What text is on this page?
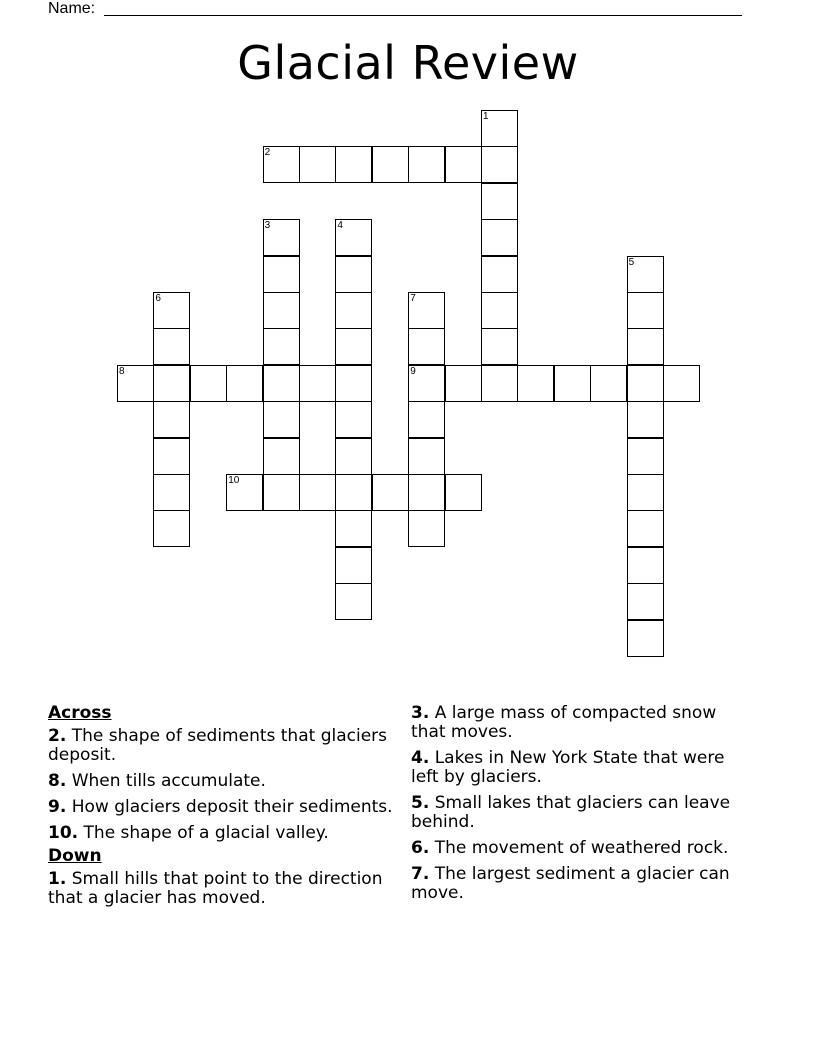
Name:
Glacial Review
1
2
3	4
5
6	7
9
8
10
Across
2. The shape of sediments that glaciers deposit.
8. When tills accumulate.
9. How glaciers deposit their sediments.
10. The shape of a glacial valley.
Down
1. Small hills that point to the direction that a glacier has moved.
3. A large mass of compacted snow that moves.
4. Lakes in New York State that were left by glaciers.
5. Small lakes that glaciers can leave behind.
6. The movement of weathered rock.
7. The largest sediment a glacier can move.
